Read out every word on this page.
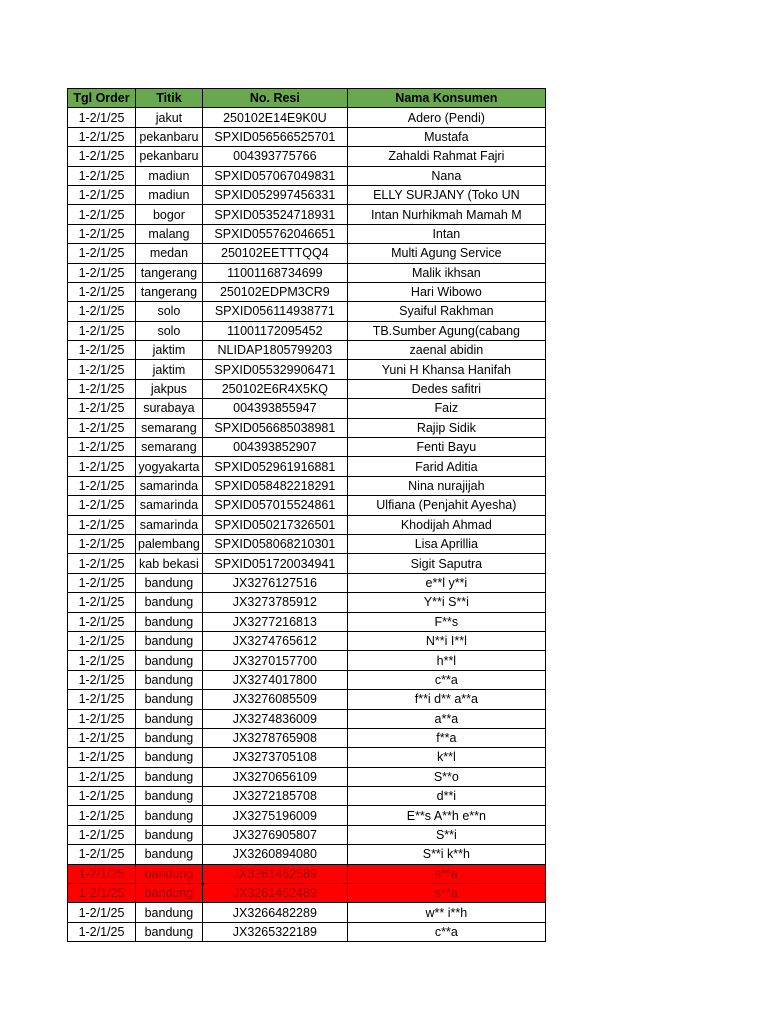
Tgl Order	Titik	No. Resi	Nama Konsumen
1-2/1/25	jakut	250102E14E9K0U	Adero (Pendi)
1-2/1/25	pekanbaru	SPXID056566525701	Mustafa
1-2/1/25	pekanbaru	004393775766	Zahaldi Rahmat Fajri
1-2/1/25	madiun	SPXID057067049831	Nana
1-2/1/25	madiun	SPXID052997456331	ELLY SURJANY (Toko UN
1-2/1/25	bogor	SPXID053524718931	Intan Nurhikmah Mamah M
1-2/1/25	malang	SPXID055762046651	Intan
1-2/1/25	medan	250102EETTTQQ4	Multi Agung Service
1-2/1/25	tangerang	11001168734699	Malik ikhsan
1-2/1/25	tangerang	250102EDPM3CR9	Hari Wibowo
1-2/1/25	solo	SPXID056114938771	Syaiful Rakhman
1-2/1/25	solo	11001172095452	TB.Sumber Agung(cabang
1-2/1/25	jaktim	NLIDAP1805799203	zaenal abidin
1-2/1/25	jaktim	SPXID055329906471	Yuni H Khansa Hanifah
1-2/1/25	jakpus	250102E6R4X5KQ	Dedes safitri
1-2/1/25	surabaya	004393855947	Faiz
1-2/1/25	semarang	SPXID056685038981	Rajip Sidik
1-2/1/25	semarang	004393852907	Fenti Bayu
1-2/1/25	yogyakarta	SPXID052961916881	Farid Aditia
1-2/1/25	samarinda	SPXID058482218291	Nina nurajijah
1-2/1/25	samarinda	SPXID057015524861	Ulfiana (Penjahit Ayesha)
1-2/1/25	samarinda	SPXID050217326501	Khodijah Ahmad
1-2/1/25	palembang	SPXID058068210301	Lisa Aprillia
1-2/1/25	kab bekasi	SPXID051720034941	Sigit Saputra
1-2/1/25	bandung	JX3276127516	e**l y**i
1-2/1/25	bandung	JX3273785912	Y**i S**i
1-2/1/25	bandung	JX3277216813	F**s
1-2/1/25	bandung	JX3274765612	N**i I**l
1-2/1/25	bandung	JX3270157700	h**l
1-2/1/25	bandung	JX3274017800	c**a
1-2/1/25	bandung	JX3276085509	f**i d** a**a
1-2/1/25	bandung	JX3274836009	a**a
1-2/1/25	bandung	JX3278765908	f**a
1-2/1/25	bandung	JX3273705108	k**l
1-2/1/25	bandung	JX3270656109	S**o
1-2/1/25	bandung	JX3272185708	d**i
1-2/1/25	bandung	JX3275196009	E**s A**h e**n
1-2/1/25	bandung	JX3276905807	S**i
1-2/1/25	bandung	JX3260894080	S**i k**h
1-2/1/25	bandung	JX3261462589	s**a
1-2/1/25	bandung	JX3261462489	s**a
1-2/1/25	bandung	JX3266482289	w** i**h
1-2/1/25	bandung	JX3265322189	c**a
